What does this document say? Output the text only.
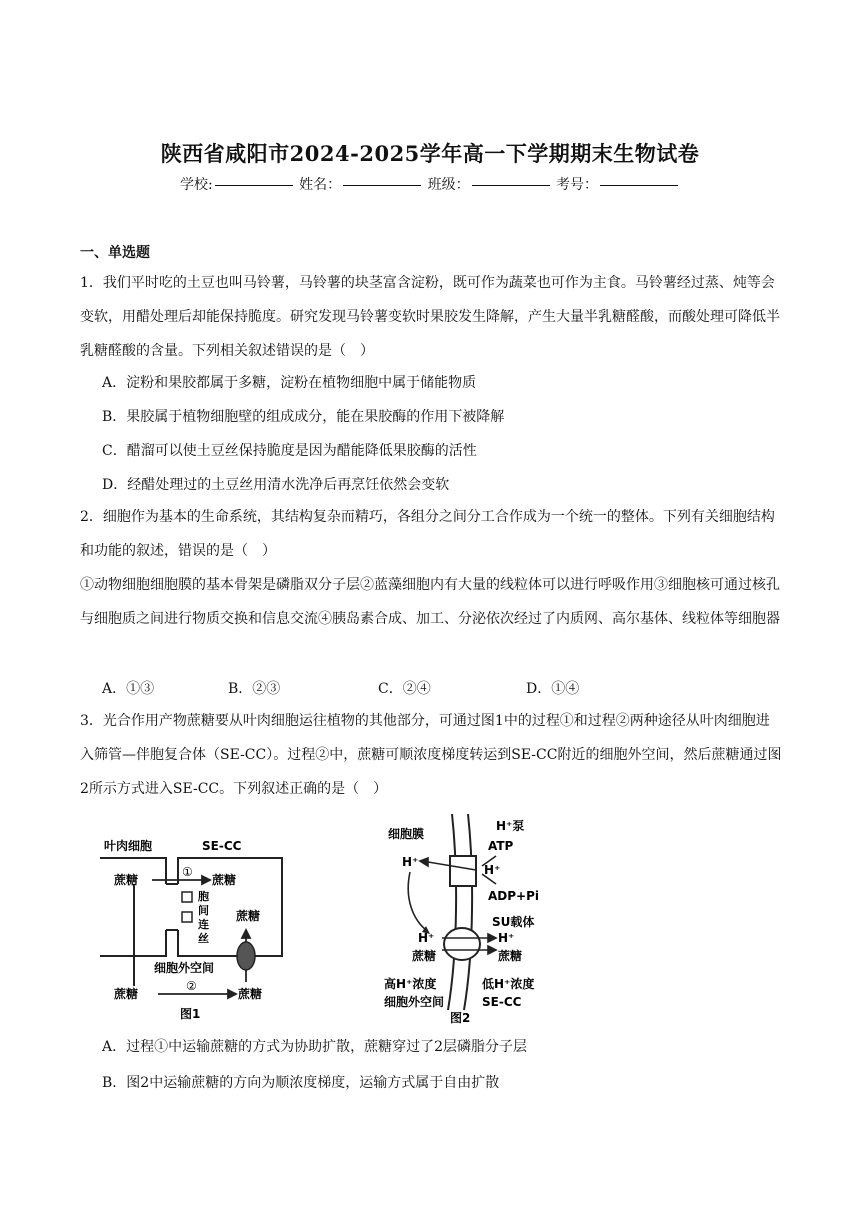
陕西省咸阳市2024-2025学年高一下学期期末生物试卷
学校:	姓名：	班级：	考号：
一、单选题
1．我们平时吃的土豆也叫马铃薯，马铃薯的块茎富含淀粉，既可作为蔬菜也可作为主食。马铃薯经过蒸、炖等会变软，用醋处理后却能保持脆度。研究发现马铃薯变软时果胶发生降解，产生大量半乳糖醛酸，而酸处理可降低半乳糖醛酸的含量。下列相关叙述错误的是（　）
A．淀粉和果胶都属于多糖，淀粉在植物细胞中属于储能物质
B．果胶属于植物细胞壁的组成成分，能在果胶酶的作用下被降解
C．醋溜可以使土豆丝保持脆度是因为醋能降低果胶酶的活性
D．经醋处理过的土豆丝用清水洗净后再烹饪依然会变软
2．细胞作为基本的生命系统，其结构复杂而精巧，各组分之间分工合作成为一个统一的整体。下列有关细胞结构和功能的叙述，错误的是（　）
①动物细胞细胞膜的基本骨架是磷脂双分子层②蓝藻细胞内有大量的线粒体可以进行呼吸作用③细胞核可通过核孔与细胞质之间进行物质交换和信息交流④胰岛素合成、加工、分泌依次经过了内质网、高尔基体、线粒体等细胞器
A．①③	B．②③	C．②④	D．①④
3．光合作用产物蔗糖要从叶肉细胞运往植物的其他部分，可通过图1中的过程①和过程②两种途径从叶肉细胞进入筛管—伴胞复合体（SE-CC）。过程②中，蔗糖可顺浓度梯度转运到SE-CC附近的细胞外空间，然后蔗糖通过图2所示方式进入SE-CC。下列叙述正确的是（　）
叶肉细胞	SE-CC
蔗糖	蔗糖
①
胞
间
连
丝
蔗糖
细胞外空间
蔗糖	蔗糖
②
图1
细胞膜
H⁺泵
ATP
H⁺
H⁺
ADP+Pi
SU载体
H⁺	H⁺
蔗糖	蔗糖
高H⁺浓度	低H⁺浓度
细胞外空间	SE-CC
图2
A．过程①中运输蔗糖的方式为协助扩散，蔗糖穿过了2层磷脂分子层
B．图2中运输蔗糖的方向为顺浓度梯度，运输方式属于自由扩散
